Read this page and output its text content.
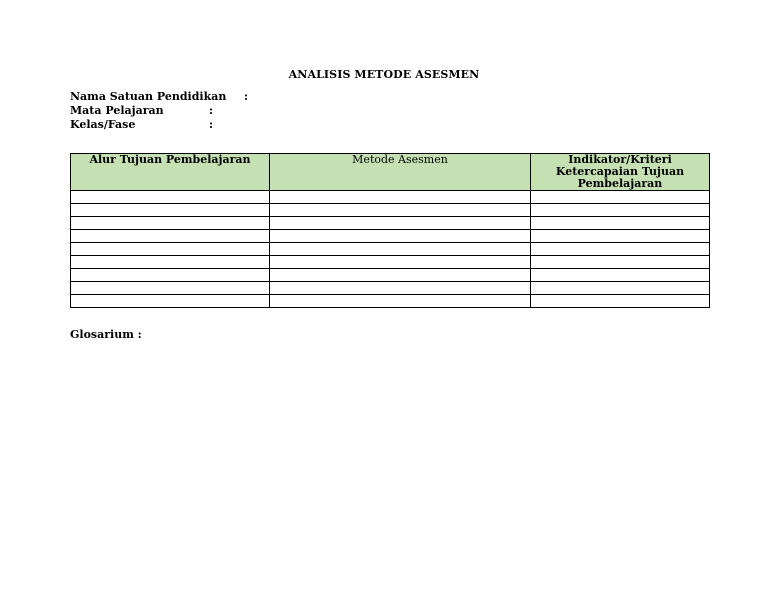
ANALISIS METODE ASESMEN
Nama Satuan Pendidikan :
Mata Pelajaran	:
Kelas/Fase	:
Alur Tujuan Pembelajaran	Metode Asesmen	Indikator/Kriteri Ketercapaian Tujuan Pembelajaran

Glosarium :
